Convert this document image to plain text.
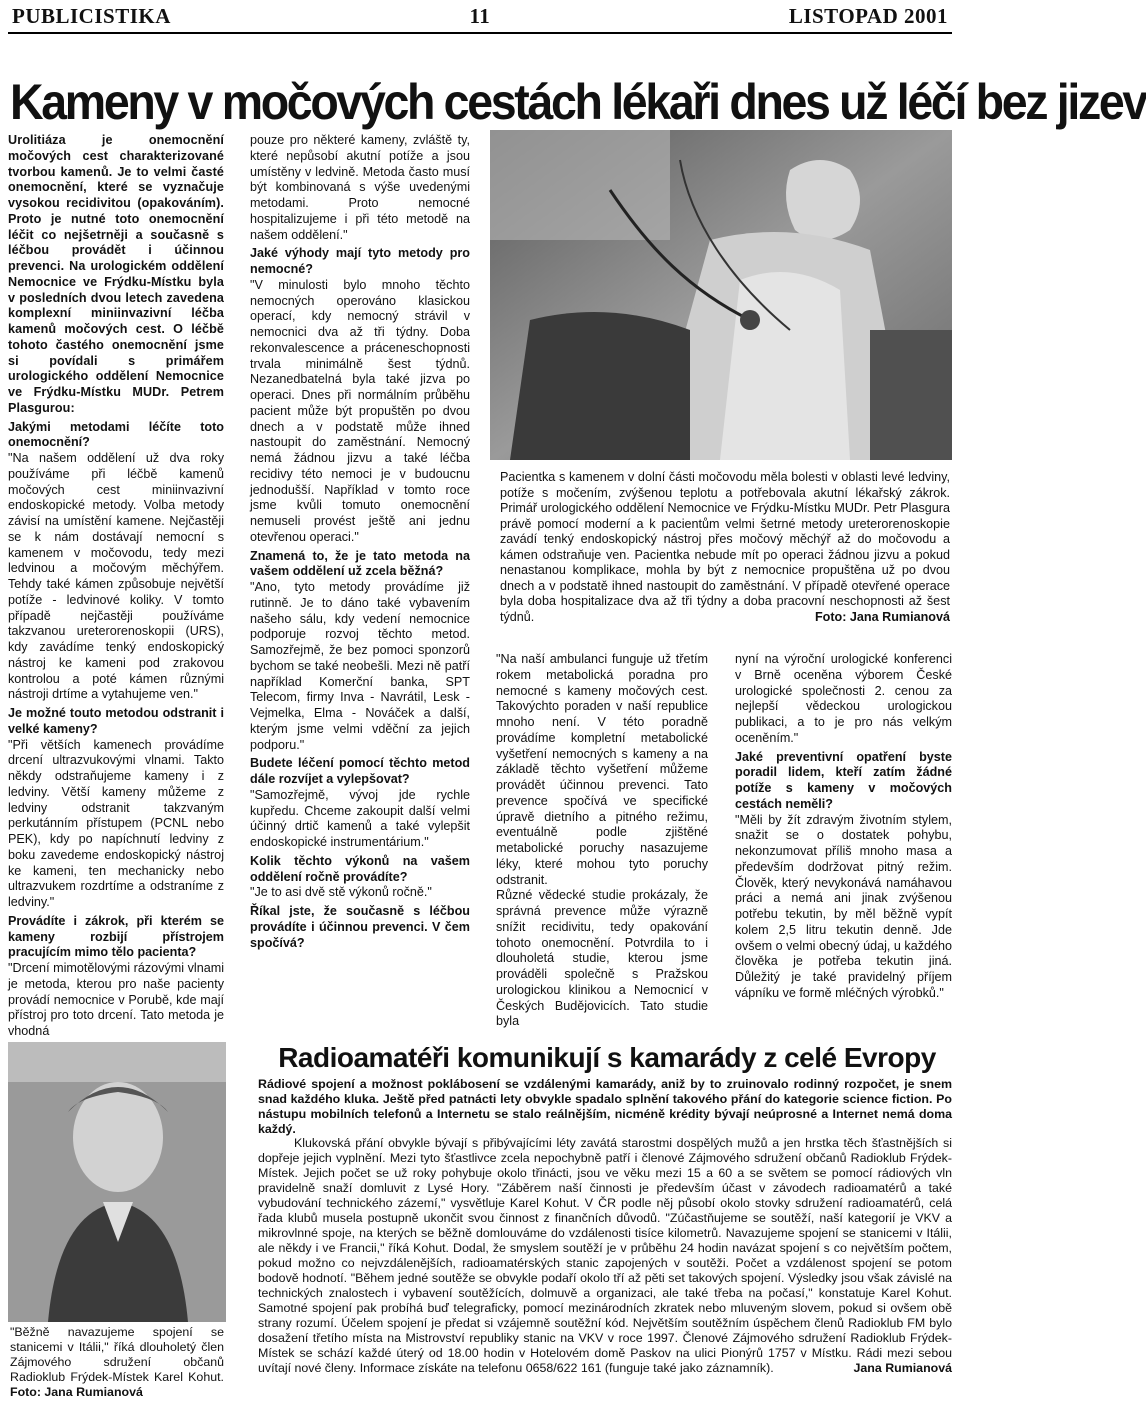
PUBLICISTIKA	11	LISTOPAD 2001
Kameny v močových cestách lékaři dnes už léčí bez jizev

Urolitiáza je onemocnění močových cest charakterizované tvorbou kamenů. Je to velmi časté onemocnění, které se vyznačuje vysokou recidivitou (opakováním). Proto je nutné toto onemocnění léčit co nejšetrněji a současně s léčbou provádět i účinnou prevenci. Na urologickém oddělení Nemocnice ve Frýdku-Místku byla v posledních dvou letech zavedena komplexní miniinvazivní léčba kamenů močových cest. O léčbě tohoto častého onemocnění jsme si povídali s primářem urologického oddělení Nemocnice ve Frýdku-Místku MUDr. Petrem Plasgurou:

Jakými metodami léčíte toto onemocnění?

"Na našem oddělení už dva roky používáme při léčbě kamenů močových cest miniinvazivní endoskopické metody. Volba metody závisí na umístění kamene. Nejčastěji se k nám dostávají nemocní s kamenem v močovodu, tedy mezi ledvinou a močovým měchýřem. Tehdy také kámen způsobuje největší potíže - ledvinové koliky. V tomto případě nejčastěji používáme takzvanou ureterorenoskopii (URS), kdy zavádíme tenký endoskopický nástroj ke kameni pod zrakovou kontrolou a poté kámen různými nástroji drtíme a vytahujeme ven."

Je možné touto metodou odstranit i velké kameny?

"Při větších kamenech provádíme drcení ultrazvukovými vlnami. Takto někdy odstraňujeme kameny i z ledviny. Větší kameny můžeme z ledviny odstranit takzvaným perkutánním přístupem (PCNL nebo PEK), kdy po napíchnutí ledviny z boku zavedeme endoskopický nástroj ke kameni, ten mechanicky nebo ultrazvukem rozdrtíme a odstraníme z ledviny."

Provádíte i zákrok, při kterém se kameny rozbijí přístrojem pracujícím mimo tělo pacienta?

"Drcení mimotělovými rázovými vlnami je metoda, kterou pro naše pacienty provádí nemocnice v Porubě, kde mají přístroj pro toto drcení. Tato metoda je vhodná

pouze pro některé kameny, zvláště ty, které nepůsobí akutní potíže a jsou umístěny v ledvině. Metoda často musí být kombinovaná s výše uvedenými metodami. Proto nemocné hospitalizujeme i při této metodě na našem oddělení."

Jaké výhody mají tyto metody pro nemocné?

"V minulosti bylo mnoho těchto nemocných operováno klasickou operací, kdy nemocný strávil v nemocnici dva až tři týdny. Doba rekonvalescence a práceneschopnosti trvala minimálně šest týdnů. Nezanedbatelná byla také jizva po operaci. Dnes při normálním průběhu pacient může být propuštěn po dvou dnech a v podstatě může ihned nastoupit do zaměstnání. Nemocný nemá žádnou jizvu a také léčba recidivy této nemoci je v budoucnu jednodušší. Například v tomto roce jsme kvůli tomuto onemocnění nemuseli provést ještě ani jednu otevřenou operaci."

Znamená to, že je tato metoda na vašem oddělení už zcela běžná?

"Ano, tyto metody provádíme již rutinně. Je to dáno také vybavením našeho sálu, kdy vedení nemocnice podporuje rozvoj těchto metod. Samozřejmě, že bez pomoci sponzorů bychom se také neobešli. Mezi ně patří například Komerční banka, SPT Telecom, firmy Inva - Navrátil, Lesk - Vejmelka, Elma - Nováček a další, kterým jsme velmi vděční za jejich podporu."

Budete léčení pomocí těchto metod dále rozvíjet a vylepšovat?

"Samozřejmě, vývoj jde rychle kupředu. Chceme zakoupit další velmi účinný drtič kamenů a také vylepšit endoskopické instrumentárium."

Kolik těchto výkonů na vašem oddělení ročně provádíte?

"Je to asi dvě stě výkonů ročně."

Říkal jste, že současně s léčbou provádíte i účinnou prevenci. V čem spočívá?

Pacientka s kamenem v dolní části močovodu měla bolesti v oblasti levé ledviny, potíže s močením, zvýšenou teplotu a potřebovala akutní lékařský zákrok. Primář urologického oddělení Nemocnice ve Frýdku-Místku MUDr. Petr Plasgura právě pomocí moderní a k pacientům velmi šetrné metody ureterorenoskopie zavádí tenký endoskopický nástroj přes močový měchýř až do močovodu a kámen odstraňuje ven. Pacientka nebude mít po operaci žádnou jizvu a pokud nenastanou komplikace, mohla by být z nemocnice propuštěna už po dvou dnech a v podstatě ihned nastoupit do zaměstnání. V případě otevřené operace byla doba hospitalizace dva až tři týdny a doba pracovní neschopnosti až šest týdnů.	Foto: Jana Rumianová

"Na naší ambulanci funguje už třetím rokem metabolická poradna pro nemocné s kameny močových cest. Takovýchto poraden v naší republice mnoho není. V této poradně provádíme kompletní metabolické vyšetření nemocných s kameny a na základě těchto vyšetření můžeme provádět účinnou prevenci. Tato prevence spočívá ve specifické úpravě dietního a pitného režimu, eventuálně podle zjištěné metabolické poruchy nasazujeme léky, které mohou tyto poruchy odstranit.

Různé vědecké studie prokázaly, že správná prevence může výrazně snížit recidivitu, tedy opakování tohoto onemocnění. Potvrdila to i dlouholetá studie, kterou jsme prováděli společně s Pražskou urologickou klinikou a Nemocnicí v Českých Budějovicích. Tato studie byla

nyní na výroční urologické konferenci v Brně oceněna výborem České urologické společnosti 2. cenou za nejlepší vědeckou urologickou publikaci, a to je pro nás velkým oceněním."

Jaké preventivní opatření byste poradil lidem, kteří zatím žádné potíže s kameny v močových cestách neměli?

"Měli by žít zdravým životním stylem, snažit se o dostatek pohybu, nekonzumovat příliš mnoho masa a především dodržovat pitný režim. Člověk, který nevykonává namáhavou práci a nemá ani jinak zvýšenou potřebu tekutin, by měl běžně vypít kolem 2,5 litru tekutin denně. Jde ovšem o velmi obecný údaj, u každého člověka je potřeba tekutin jiná. Důležitý je také pravidelný příjem vápníku ve formě mléčných výrobků."

"Běžně navazujeme spojení se stanicemi v Itálii," říká dlouholetý člen Zájmového sdružení občanů Radioklub Frýdek-Místek Karel Kohut. Foto: Jana Rumianová
Radioamatéři komunikují s kamarády z celé Evropy
Rádiové spojení a možnost poklábosení se vzdálenými kamarády, aniž by to zruinovalo rodinný rozpočet, je snem snad každého kluka. Ještě před patnácti lety obvykle spadalo splnění takového přání do kategorie science fiction. Po nástupu mobilních telefonů a Internetu se stalo reálnějším, nicméně krédity bývají neúprosné a Internet nemá doma každý.
Klukovská přání obvykle bývají s přibývajícími léty zavátá starostmi dospělých mužů a jen hrstka těch šťastnějších si dopřeje jejich vyplnění. Mezi tyto šťastlivce zcela nepochybně patří i členové Zájmového sdružení občanů Radioklub Frýdek-Místek. Jejich počet se už roky pohybuje okolo třinácti, jsou ve věku mezi 15 a 60 a se světem se pomocí rádiových vln pravidelně snaží domluvit z Lysé Hory. "Záběrem naší činnosti je především účast v závodech radioamatérů a také vybudování technického zázemí," vysvětluje Karel Kohut. V ČR podle něj působí okolo stovky sdružení radioamatérů, celá řada klubů musela postupně ukončit svou činnost z finančních důvodů. "Zúčastňujeme se soutěží, naší kategorií je VKV a mikrovlnné spoje, na kterých se běžně domlouváme do vzdálenosti tisíce kilometrů. Navazujeme spojení se stanicemi v Itálii, ale někdy i ve Francii," říká Kohut. Dodal, že smyslem soutěží je v průběhu 24 hodin navázat spojení s co největším počtem, pokud možno co nejvzdálenějších, radioamatérských stanic zapojených v soutěži. Počet a vzdálenost spojení se potom bodově hodnotí. "Během jedné soutěže se obvykle podaří okolo tří až pěti set takových spojení. Výsledky jsou však závislé na technických znalostech i vybavení soutěžících, dolmuvě a organizaci, ale také třeba na počasí," konstatuje Karel Kohut. Samotné spojení pak probíhá buď telegraficky, pomocí mezinárodních zkratek nebo mluveným slovem, pokud si ovšem obě strany rozumí. Účelem spojení je předat si vzájemně soutěžní kód. Největším soutěžním úspěchem členů Radioklub FM bylo dosažení třetího místa na Mistrovství republiky stanic na VKV v roce 1997. Členové Zájmového sdružení Radioklub Frýdek-Místek se schází každé úterý od 18.00 hodin v Hotelovém domě Paskov na ulici Pionýrů 1757 v Místku. Rádi mezi sebou uvítají nové členy. Informace získáte na telefonu 0658/622 161 (funguje také jako záznamník).	Jana Rumianová
